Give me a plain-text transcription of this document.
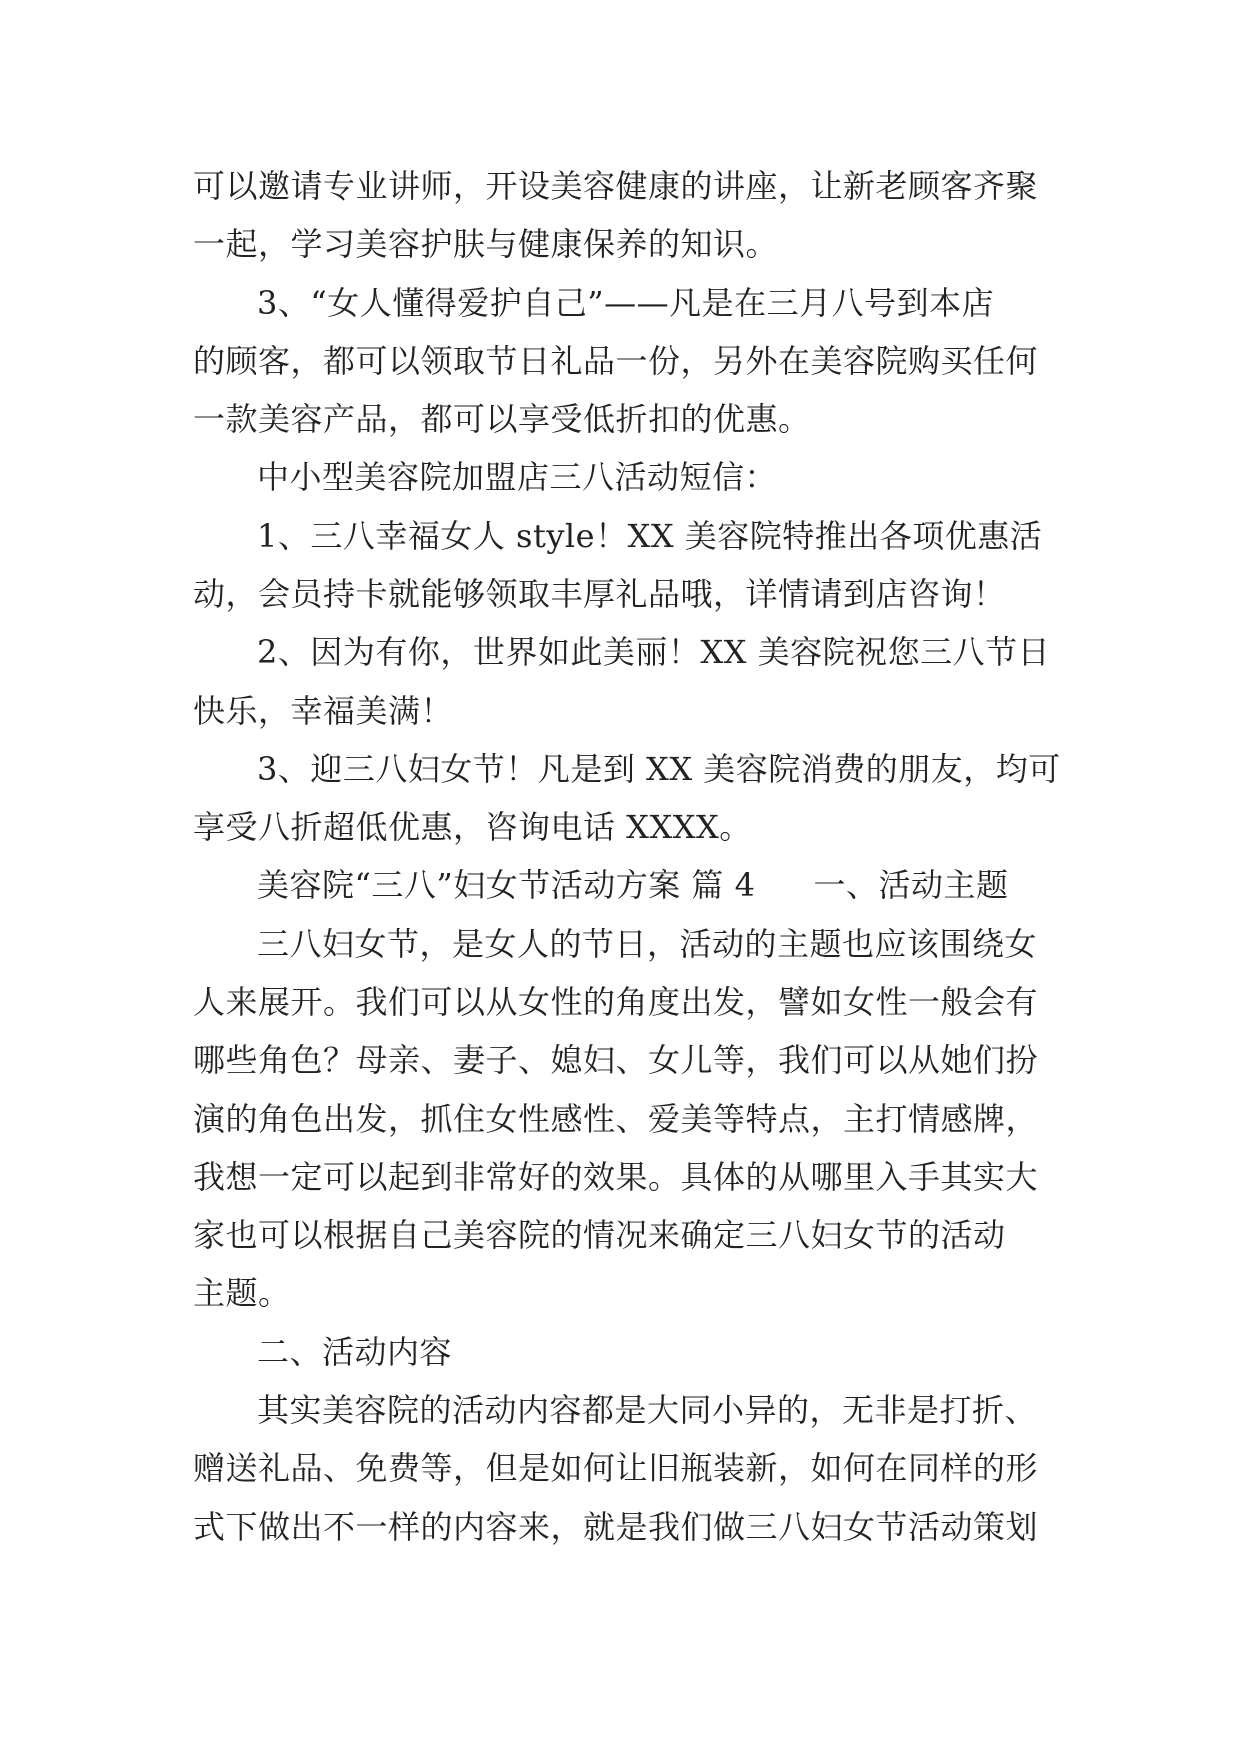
可以邀请专业讲师，开设美容健康的讲座，让新老顾客齐聚
一起，学习美容护肤与健康保养的知识。
3、“女人懂得爱护自己”——凡是在三月八号到本店
的顾客，都可以领取节日礼品一份，另外在美容院购买任何
一款美容产品，都可以享受低折扣的优惠。
中小型美容院加盟店三八活动短信：
1、三八幸福女人 style！XX 美容院特推出各项优惠活
动，会员持卡就能够领取丰厚礼品哦，详情请到店咨询！
2、因为有你，世界如此美丽！XX 美容院祝您三八节日
快乐，幸福美满！
3、迎三八妇女节！凡是到 XX 美容院消费的朋友，均可
享受八折超低优惠，咨询电话 XXXX。
美容院“三八”妇女节活动方案 篇 4 一、活动主题
三八妇女节，是女人的节日，活动的主题也应该围绕女
人来展开。我们可以从女性的角度出发，譬如女性一般会有
哪些角色？母亲、妻子、媳妇、女儿等，我们可以从她们扮
演的角色出发，抓住女性感性、爱美等特点，主打情感牌，
我想一定可以起到非常好的效果。具体的从哪里入手其实大
家也可以根据自己美容院的情况来确定三八妇女节的活动
主题。
二、活动内容
其实美容院的活动内容都是大同小异的，无非是打折、
赠送礼品、免费等，但是如何让旧瓶装新，如何在同样的形
式下做出不一样的内容来，就是我们做三八妇女节活动策划
